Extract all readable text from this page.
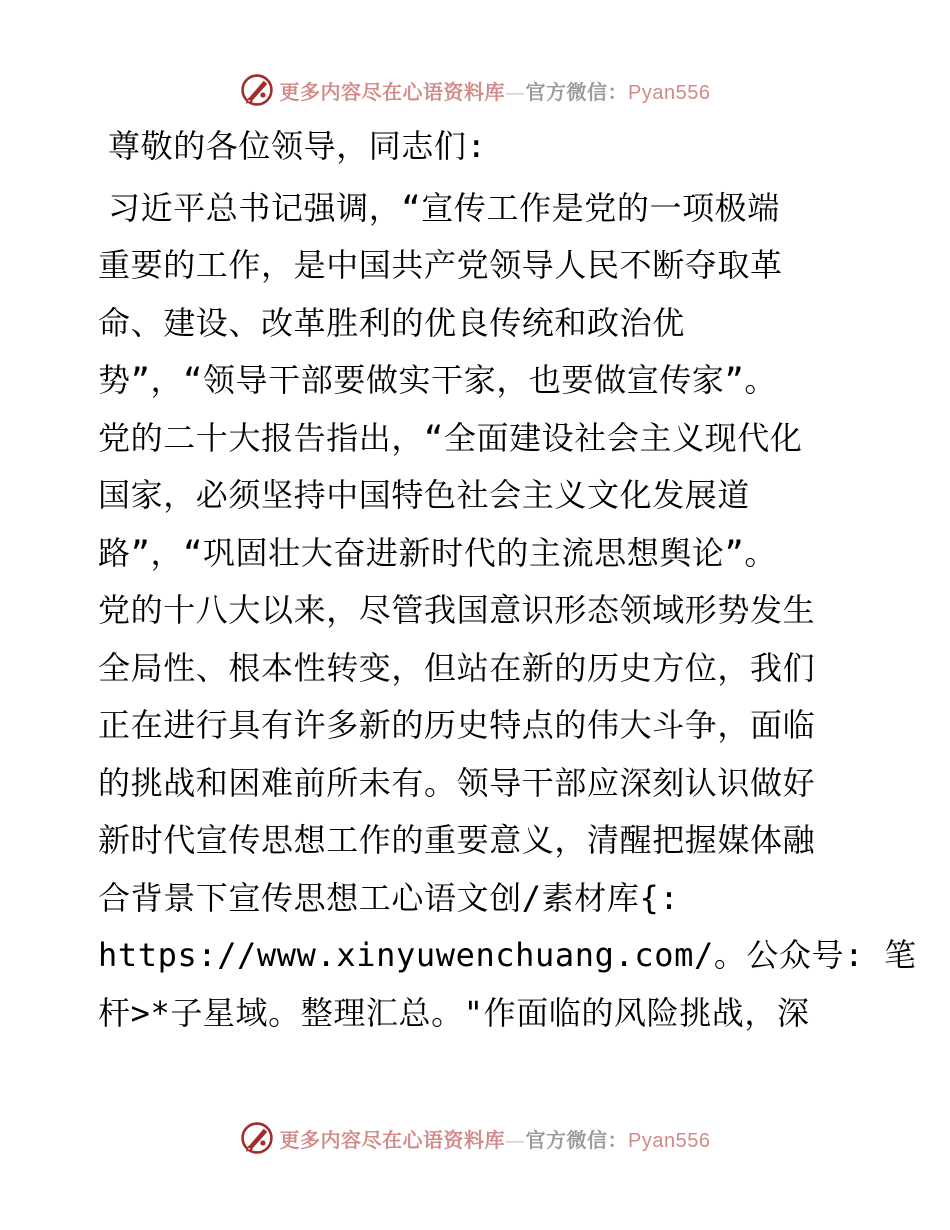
更多内容尽在心语资料库—官方微信：Pyan556
尊敬的各位领导，同志们:
习近平总书记强调，“宣传工作是党的一项极端
重要的工作，是中国共产党领导人民不断夺取革
命、建设、改革胜利的优良传统和政治优
势”，“领导干部要做实干家，也要做宣传家”。
党的二十大报告指出，“全面建设社会主义现代化
国家，必须坚持中国特色社会主义文化发展道
路”，“巩固壮大奋进新时代的主流思想舆论”。
党的十八大以来，尽管我国意识形态领域形势发生
全局性、根本性转变，但站在新的历史方位，我们
正在进行具有许多新的历史特点的伟大斗争，面临
的挑战和困难前所未有。领导干部应深刻认识做好
新时代宣传思想工作的重要意义，清醒把握媒体融
合背景下宣传思想工心语文创/素材库{:
https://www.xinyuwenchuang.com/。公众号: 笔
杆>*子星域。整理汇总。"作面临的风险挑战，深
更多内容尽在心语资料库—官方微信：Pyan556
